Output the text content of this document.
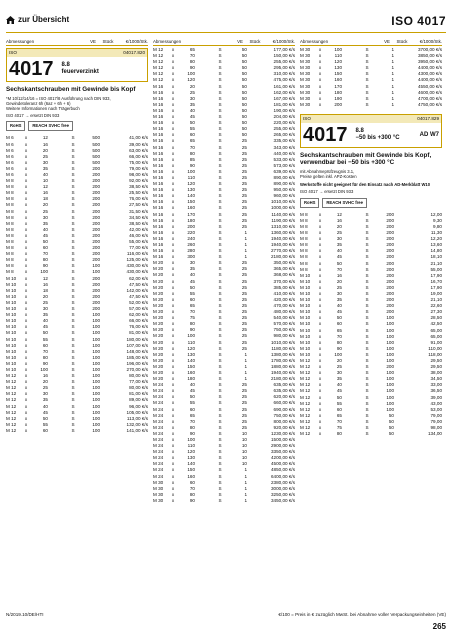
zur Übersicht	ISO 4017
Abmessungen	VE	Stück	€/1000/Stk.
ISO	04017.820
4017 8.8
feuerverzinkt
Sechskantschrauben mit Gewinde bis Kopf
*M 10/12/14/16 = ISO 4017/8 Ausführung nach DIN 933,
Gewindetoleranz 6h (6az + 6h + 6)
Weitere Informationen nach Trägerbuch
ISO 4017 → ersetzt DIN 933
RoHS	REACH SVHC free
M 6	x	12	S	500	41,00 €/s
M 6	x	16	S	500	39,00 €/s
M 6	x	20	S	500	63,00 €/s
M 6	x	25	S	500	66,00 €/s
M 6	x	30	S	500	75,00 €/s
M 6	x	35	S	200	79,00 €/s
M 6	x	40	S	200	98,00 €/s
M 8	x	10	S	200	92,00 €/s
M 8	x	12	S	200	38,50 €/s
M 8	x	16	S	200	25,50 €/s
M 8	x	18	S	200	76,00 €/s
M 8	x	20	S	200	27,50 €/s
M 8	x	25	S	200	31,50 €/s
M 8	x	30	S	200	34,50 €/s
M 8	x	35	S	200	38,50 €/s
M 8	x	40	S	200	42,00 €/s
M 8	x	45	S	200	46,00 €/s
M 8	x	50	S	200	55,00 €/s
M 8	x	60	S	200	77,00 €/s
M 8	x	70	S	200	116,00 €/s
M 8	x	80	S	200	125,00 €/s
M 8	x	90	S	100	430,00 €/s
M 8	x	100	S	100	430,00 €/s
M 10	x	12	S	200	62,00 €/s
M 10	x	16	S	200	47,50 €/s
M 10	x	18	S	200	142,00 €/s
M 10	x	20	S	200	47,50 €/s
M 10	x	25	S	200	52,00 €/s
M 10	x	30	S	200	57,00 €/s
M 10	x	35	S	100	62,00 €/s
M 10	x	40	S	100	66,00 €/s
M 10	x	45	S	100	76,00 €/s
M 10	x	50	S	100	81,00 €/s
M 10	x	55	S	100	180,00 €/s
M 10	x	60	S	100	107,00 €/s
M 10	x	70	S	100	148,00 €/s
M 10	x	80	S	100	185,00 €/s
M 10	x	90	S	100	196,00 €/s
M 10	x	100	S	100	270,00 €/s
M 12	x	16	S	100	80,00 €/s
M 12	x	20	S	100	77,00 €/s
M 12	x	25	S	100	80,00 €/s
M 12	x	30	S	100	81,00 €/s
M 12	x	35	S	100	89,00 €/s
M 12	x	40	S	100	96,00 €/s
M 12	x	45	S	100	105,00 €/s
M 12	x	50	S	100	113,00 €/s
M 12	x	55	S	100	132,00 €/s
M 12	x	60	S	100	141,00 €/s
Abmessungen	VE	Stück	€/1000/Stk.
M 12	x	65	S	50	177,00 €/s
M 12	x	70	S	50	150,00 €/s
M 12	x	80	S	50	255,00 €/s
M 12	x	90	S	50	295,00 €/s
M 12	x	100	S	50	310,00 €/s
M 12	x	120	S	50	475,00 €/s
M 16	x	20	S	50	161,00 €/s
M 16	x	25	S	50	162,00 €/s
M 16	x	30	S	50	167,00 €/s
M 16	x	35	S	50	181,00 €/s
M 16	x	40	S	50	190,00 €/s
M 16	x	45	S	50	204,00 €/s
M 16	x	50	S	50	220,00 €/s
M 16	x	55	S	50	255,00 €/s
M 16	x	60	S	50	265,00 €/s
M 16	x	65	S	25	335,00 €/s
M 16	x	70	S	25	343,00 €/s
M 16	x	80	S	25	440,00 €/s
M 16	x	85	S	25	533,00 €/s
M 16	x	90	S	25	573,00 €/s
M 16	x	100	S	25	639,00 €/s
M 16	x	110	S	25	890,00 €/s
M 16	x	120	S	25	890,00 €/s
M 16	x	130	S	25	950,00 €/s
M 16	x	140	S	25	960,00 €/s
M 16	x	150	S	25	1010,00 €/s
M 16	x	160	S	25	1000,00 €/s
M 16	x	170	S	25	1140,00 €/s
M 16	x	180	S	25	1190,00 €/s
M 16	x	200	S	25	1310,00 €/s
M 16	x	220	S	1	1360,00 €/s
M 16	x	240	S	1	1940,00 €/s
M 16	x	260	S	1	1940,00 €/s
M 16	x	280	S	1	2770,00 €/s
M 16	x	300	S	1	2180,00 €/s
M 20	x	30	S	25	350,00 €/s
M 20	x	35	S	25	365,00 €/s
M 20	x	40	S	25	368,00 €/s
M 20	x	45	S	25	370,00 €/s
M 20	x	50	S	25	385,00 €/s
M 20	x	55	S	25	410,00 €/s
M 20	x	60	S	25	420,00 €/s
M 20	x	65	S	25	470,00 €/s
M 20	x	70	S	25	480,00 €/s
M 20	x	75	S	25	540,00 €/s
M 20	x	80	S	25	570,00 €/s
M 20	x	90	S	25	750,00 €/s
M 20	x	100	S	25	980,00 €/s
M 20	x	110	S	25	1010,00 €/s
M 20	x	120	S	25	1180,00 €/s
M 20	x	130	S	1	1380,00 €/s
M 20	x	140	S	1	1780,00 €/s
M 20	x	150	S	1	1880,00 €/s
M 20	x	160	S	1	1940,00 €/s
M 20	x	180	S	1	2180,00 €/s
M 24	x	40	S	25	635,00 €/s
M 24	x	45	S	25	635,00 €/s
M 24	x	50	S	25	620,00 €/s
M 24	x	55	S	25	660,00 €/s
M 24	x	60	S	25	690,00 €/s
M 24	x	65	S	25	750,00 €/s
M 24	x	70	S	25	800,00 €/s
M 24	x	80	S	25	920,00 €/s
M 24	x	90	S	10	1230,00 €/s
M 24	x	100	S	10	1500,00 €/s
M 24	x	110	S	10	2900,00 €/s
M 24	x	120	S	10	3350,00 €/s
M 24	x	130	S	10	4200,00 €/s
M 24	x	140	S	10	4500,00 €/s
M 24	x	150	S	1	4850,00 €/s
M 24	x	160	S	1	6400,00 €/s
M 30	x	60	S	1	2380,00 €/s
M 30	x	70	S	1	3000,00 €/s
M 30	x	80	S	1	3250,00 €/s
M 30	x	90	S	1	3450,00 €/s
Abmessungen	VE	Stück	€/1000/Stk.
M 30	x	100	S	1	3700,00 €/s
M 30	x	110	S	1	3850,00 €/s
M 30	x	120	S	1	3950,00 €/s
M 30	x	130	S	1	4400,00 €/s
M 30	x	150	S	1	4300,00 €/s
M 30	x	160	S	1	4400,00 €/s
M 30	x	170	S	1	4550,00 €/s
M 30	x	180	S	1	4600,00 €/s
M 30	x	190	S	1	4700,00 €/s
M 30	x	200	S	1	4750,00 €/s
ISO	04017.829
4017 8.8
−50 bis +300 °C
AD W7
Sechskantschrauben mit Gewinde bis Kopf, verwendbar bei −50 bis +300 °C
mit Abnahmeprüfzeugnis 3.1,
Preise gelten inkl. APZ-Kosten
Werkstoffe nicht geeignet für den Einsatz nach AD-Merkblatt W10
ISO 4017 → ersetzt DIN 933
RoHS	REACH SVHC free
M 8	x	12	S	200	12,00
M 8	x	16	S	200	9,30
M 8	x	20	S	200	9,80
M 8	x	25	S	200	11,30
M 8	x	30	S	200	12,20
M 8	x	35	S	200	13,60
M 8	x	40	S	200	14,80
M 8	x	45	S	200	18,10
M 8	x	50	S	200	21,10
M 8	x	70	S	200	55,00
M 10	x	16	S	200	17,90
M 10	x	20	S	200	16,70
M 10	x	25	S	200	17,90
M 10	x	30	S	200	19,00
M 10	x	35	S	200	21,10
M 10	x	40	S	200	22,60
M 10	x	45	S	200	27,30
M 10	x	50	S	100	28,50
M 10	x	60	S	100	42,50
M 10	x	65	S	100	65,00
M 10	x	70	S	100	65,00
M 10	x	80	S	100	91,00
M 10	x	90	S	100	110,00
M 10	x	100	S	100	118,00
M 12	x	20	S	100	29,50
M 12	x	25	S	200	29,50
M 12	x	30	S	100	38,00
M 12	x	35	S	100	34,50
M 12	x	40	S	100	33,00
M 12	x	45	S	100	36,50
M 12	x	50	S	100	39,00
M 12	x	55	S	100	43,00
M 12	x	60	S	100	53,00
M 12	x	65	S	50	79,00
M 12	x	70	S	50	79,00
M 12	x	75	S	50	98,00
M 12	x	80	S	50	134,00
N/2019.10/DE/HTI	€/100 = Preis in € zuzüglich MwSt. bei Abnahme voller Verpackungseinheiten (VE)
265
